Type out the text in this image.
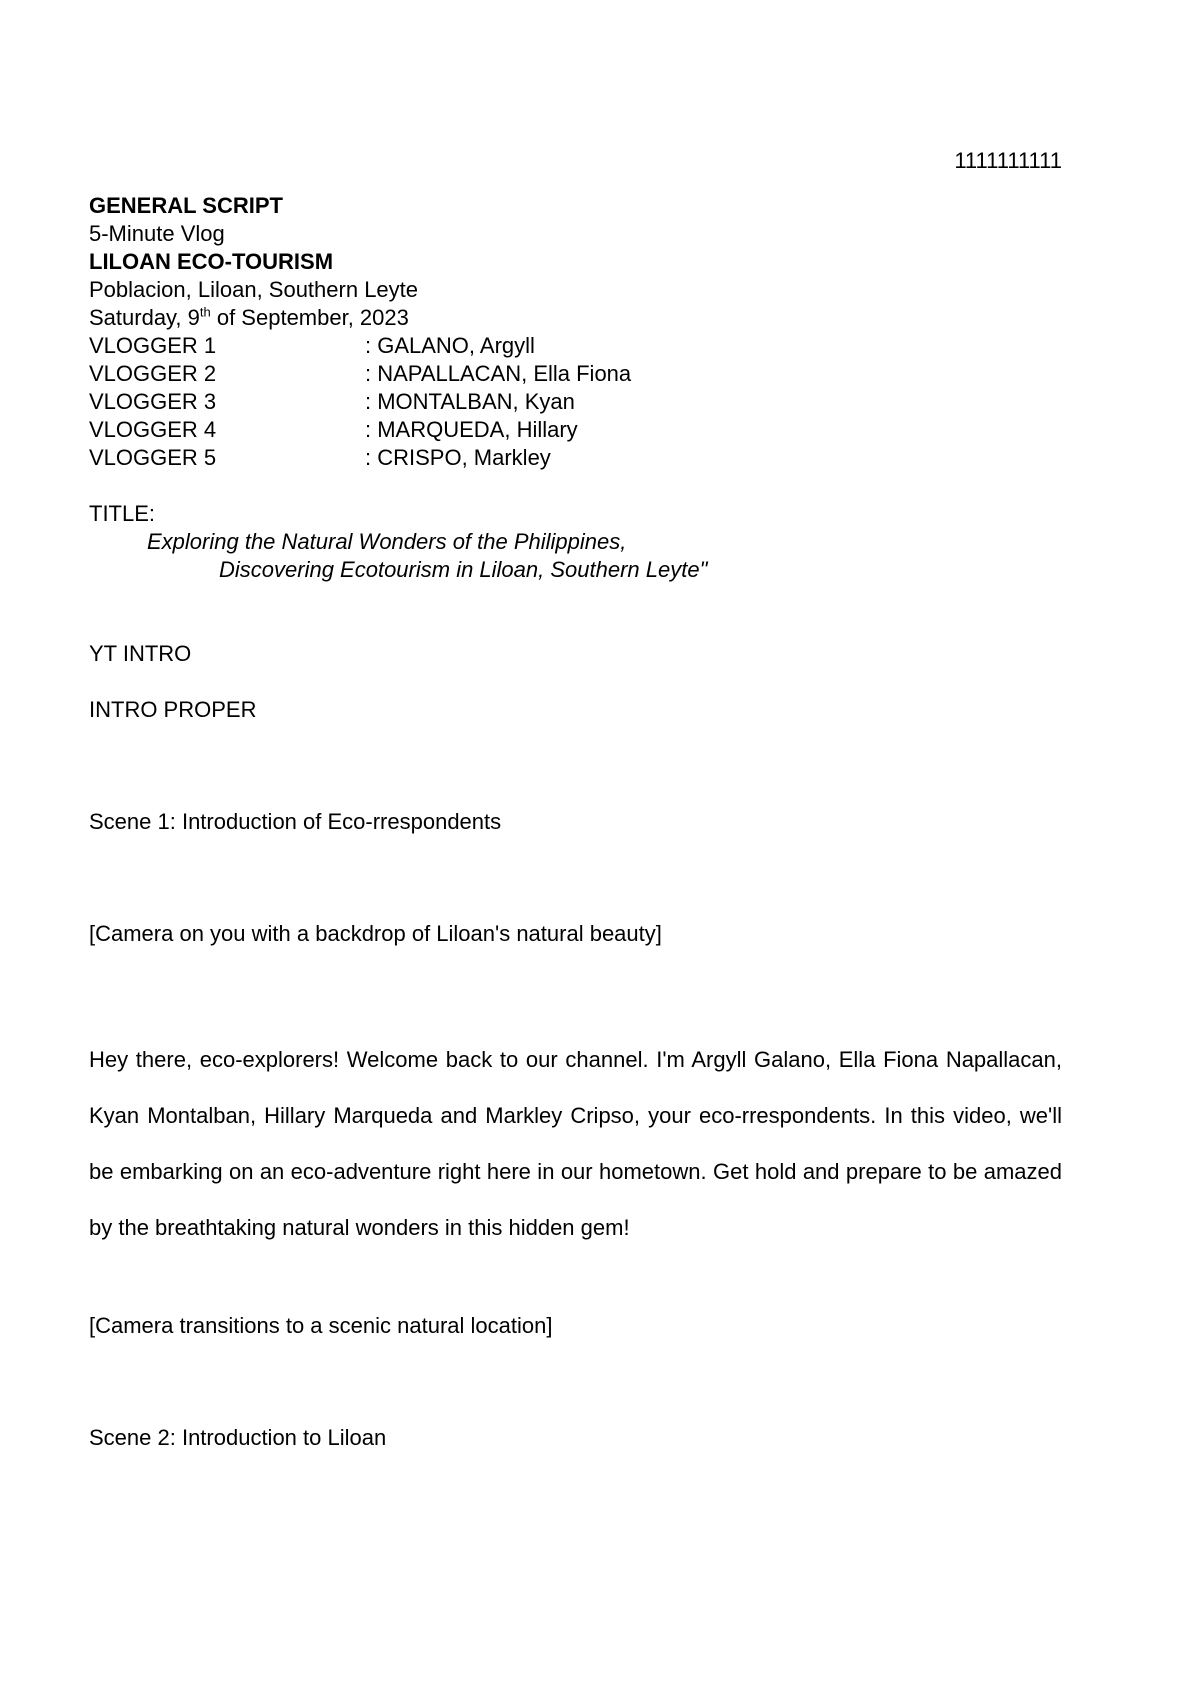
1111111111
GENERAL SCRIPT
5-Minute Vlog
LILOAN ECO-TOURISM
Poblacion, Liloan, Southern Leyte
Saturday, 9th of September, 2023
VLOGGER 1	: GALANO, Argyll
VLOGGER 2	: NAPALLACAN, Ella Fiona
VLOGGER 3	: MONTALBAN, Kyan
VLOGGER 4	: MARQUEDA, Hillary
VLOGGER 5	: CRISPO, Markley
TITLE:
Exploring the Natural Wonders of the Philippines,
Discovering Ecotourism in Liloan, Southern Leyte"
YT INTRO
INTRO PROPER
Scene 1: Introduction of Eco-rrespondents
[Camera on you with a backdrop of Liloan's natural beauty]
Hey there, eco-explorers! Welcome back to our channel. I'm Argyll Galano, Ella Fiona Napallacan, Kyan Montalban, Hillary Marqueda and Markley Cripso, your eco-rrespondents. In this video, we'll be embarking on an eco-adventure right here in our hometown. Get hold and prepare to be amazed by the breathtaking natural wonders in this hidden gem!
[Camera transitions to a scenic natural location]
Scene 2: Introduction to Liloan
